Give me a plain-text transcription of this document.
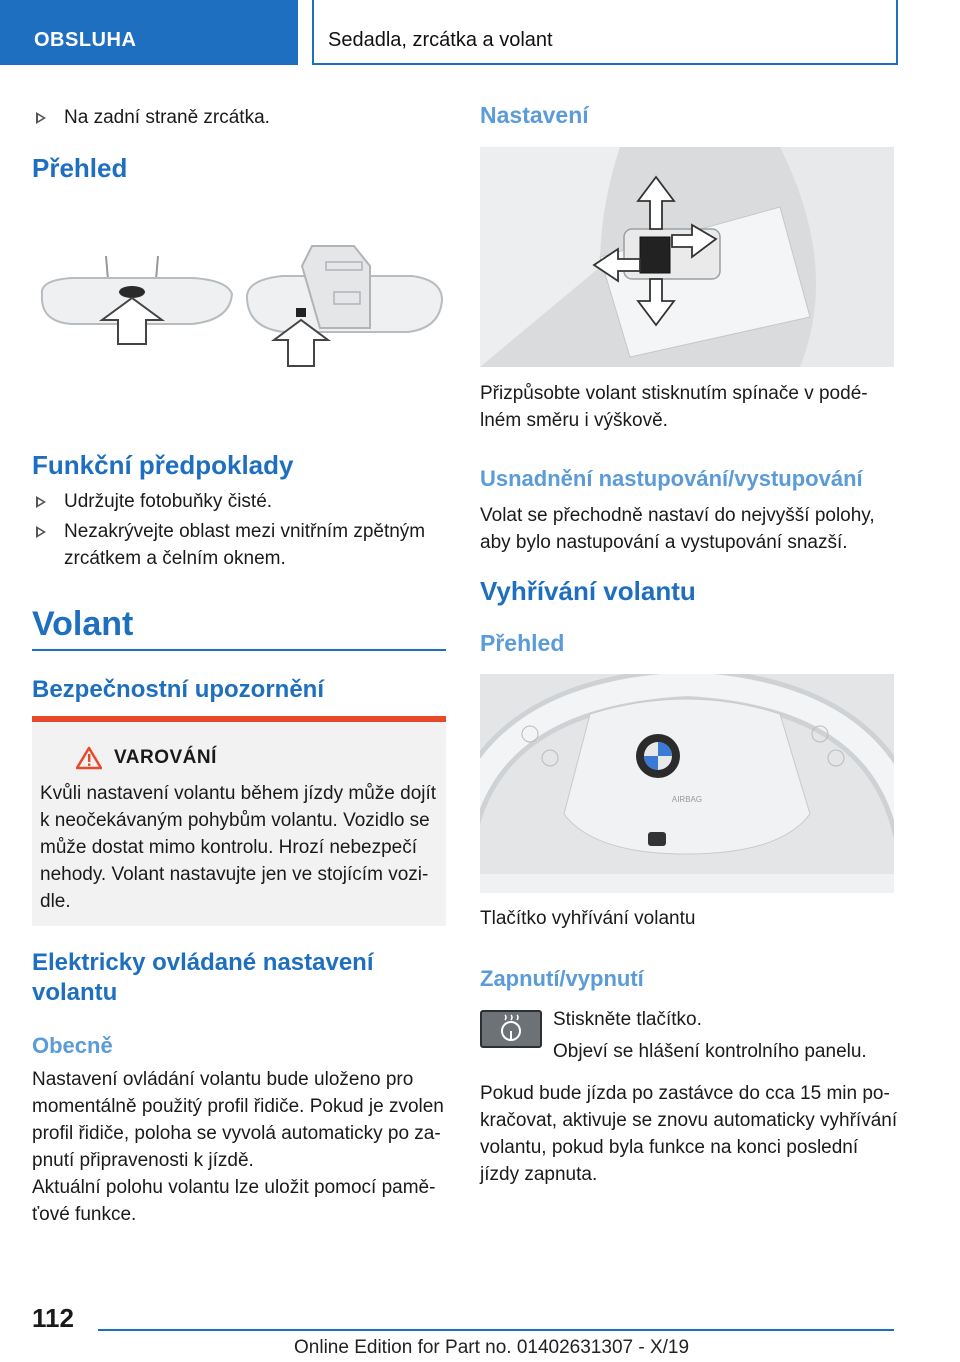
OBSLUHA	Sedadla, zrcátka a volant
Na zadní straně zrcátka.
Přehled
Funkční předpoklady
Udržujte fotobuňky čisté.
Nezakrývejte oblast mezi vnitřním zpětným zrcátkem a čelním oknem.
Volant
Bezpečnostní upozornění
VAROVÁNÍ
Kvůli nastavení volantu během jízdy může dojít
k neočekávaným pohybům volantu. Vozidlo se
může dostat mimo kontrolu. Hrozí nebezpečí
nehody. Volant nastavujte jen ve stojícím vozi-
dle.
Elektricky ovládané nastavení
volantu
Obecně
Nastavení ovládání volantu bude uloženo pro
momentálně použitý profil řidiče. Pokud je zvolen
profil řidiče, poloha se vyvolá automaticky po za-
pnutí připravenosti k jízdě.
Aktuální polohu volantu lze uložit pomocí pamě-
ťové funkce.
Nastavení
Přizpůsobte volant stisknutím spínače v podé-
lném směru i výškově.
Usnadnění nastupování/vystupování
Volat se přechodně nastaví do nejvyšší polohy,
aby bylo nastupování a vystupování snazší.
Vyhřívání volantu
Přehled
AIRBAG
Tlačítko vyhřívání volantu
Zapnutí/vypnutí
Stiskněte tlačítko.
Objeví se hlášení kontrolního panelu.
Pokud bude jízda po zastávce do cca 15 min po-
kračovat, aktivuje se znovu automaticky vyhřívání
volantu, pokud byla funkce na konci poslední
jízdy zapnuta.
112
Online Edition for Part no. 01402631307 - X/19
